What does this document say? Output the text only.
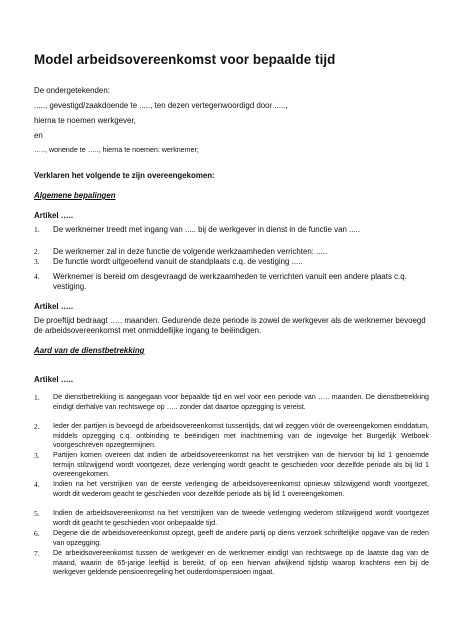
Model arbeidsovereenkomst voor bepaalde tijd
De ondergetekenden:
....., gevestigd/zaakdoende te ....., ten dezen vertegenwoordigd door .....,
hierna te noemen werkgever,
en
….., wonende te ….., hierna te noemen: werknemer;
Verklaren het volgende te zijn overeengekomen:
Algemene bepalingen
Artikel …..
1.	De werknemer treedt met ingang van ..... bij de werkgever in dienst in de functie van .....
2.	De werknemer zal in deze functie de volgende werkzaamheden verrichten: .....
3.	De functie wordt uitgeoefend vanuit de standplaats c.q. de vestiging .....
4.	Werknemer is bereid om desgevraagd de werkzaamheden te verrichten vanuit een andere plaats c.q. vestiging.
Artikel …..
De proeftijd bedraagt ….. maanden. Gedurende deze periode is zowel de werkgever als de werknemer bevoegd de arbeidsovereenkomst met onmiddellijke ingang te beëindigen.
Aard van de dienstbetrekking
Artikel …..
1.	De dienstbetrekking is aangegaan voor bepaalde tijd en wel voor een periode van ….. maanden. De dienstbetrekking eindigt derhalve van rechtswege op ….. zonder dat daartoe opzegging is vereist.
2.	Ieder der partijen is bevoegd de arbeidsovereenkomst tussentijds, dat wil zeggen vóór de overeengekomen einddatum, middels opzegging c.q. ontbinding te beëindigen met inachtneming van de ingevolge het Burgerlijk Wetboek voorgeschreven opzegtermijnen.
3.	Partijen komen overeen dat indien de arbeidsovereenkomst na het verstrijken van de hiervoor bij lid 1 genoemde termijn stilzwijgend wordt voortgezet, deze verlenging wordt geacht te geschieden voor dezelfde periode als bij lid 1 overeengekomen.
4.	Indien na het verstrijken van de eerste verlenging de arbeidsovereenkomst opnieuw stilzwijgend wordt voortgezet, wordt dit wederom geacht te geschieden voor dezelfde periode als bij lid 1 overeengekomen.
5.	Indien de arbeidsovereenkomst na het verstrijken van de tweede verlenging wederom stilzwijgend wordt voortgezet wordt dit geacht te geschieden voor onbepaalde tijd.
6.	Degene die de arbeidsovereenkomst opzegt, geeft de andere partij op diens verzoek schriftelijke opgave van de reden van opzegging.
7.	De arbeidsovereenkomst tussen de werkgever en de werknemer eindigt van rechtswege op de laatste dag van de maand, waarin de 65-jarige leeftijd is bereikt, of op een hiervan afwijkend tijdstip waarop krachtens een bij de werkgever geldende pensioenregeling het ouderdomspensioen ingaat.
